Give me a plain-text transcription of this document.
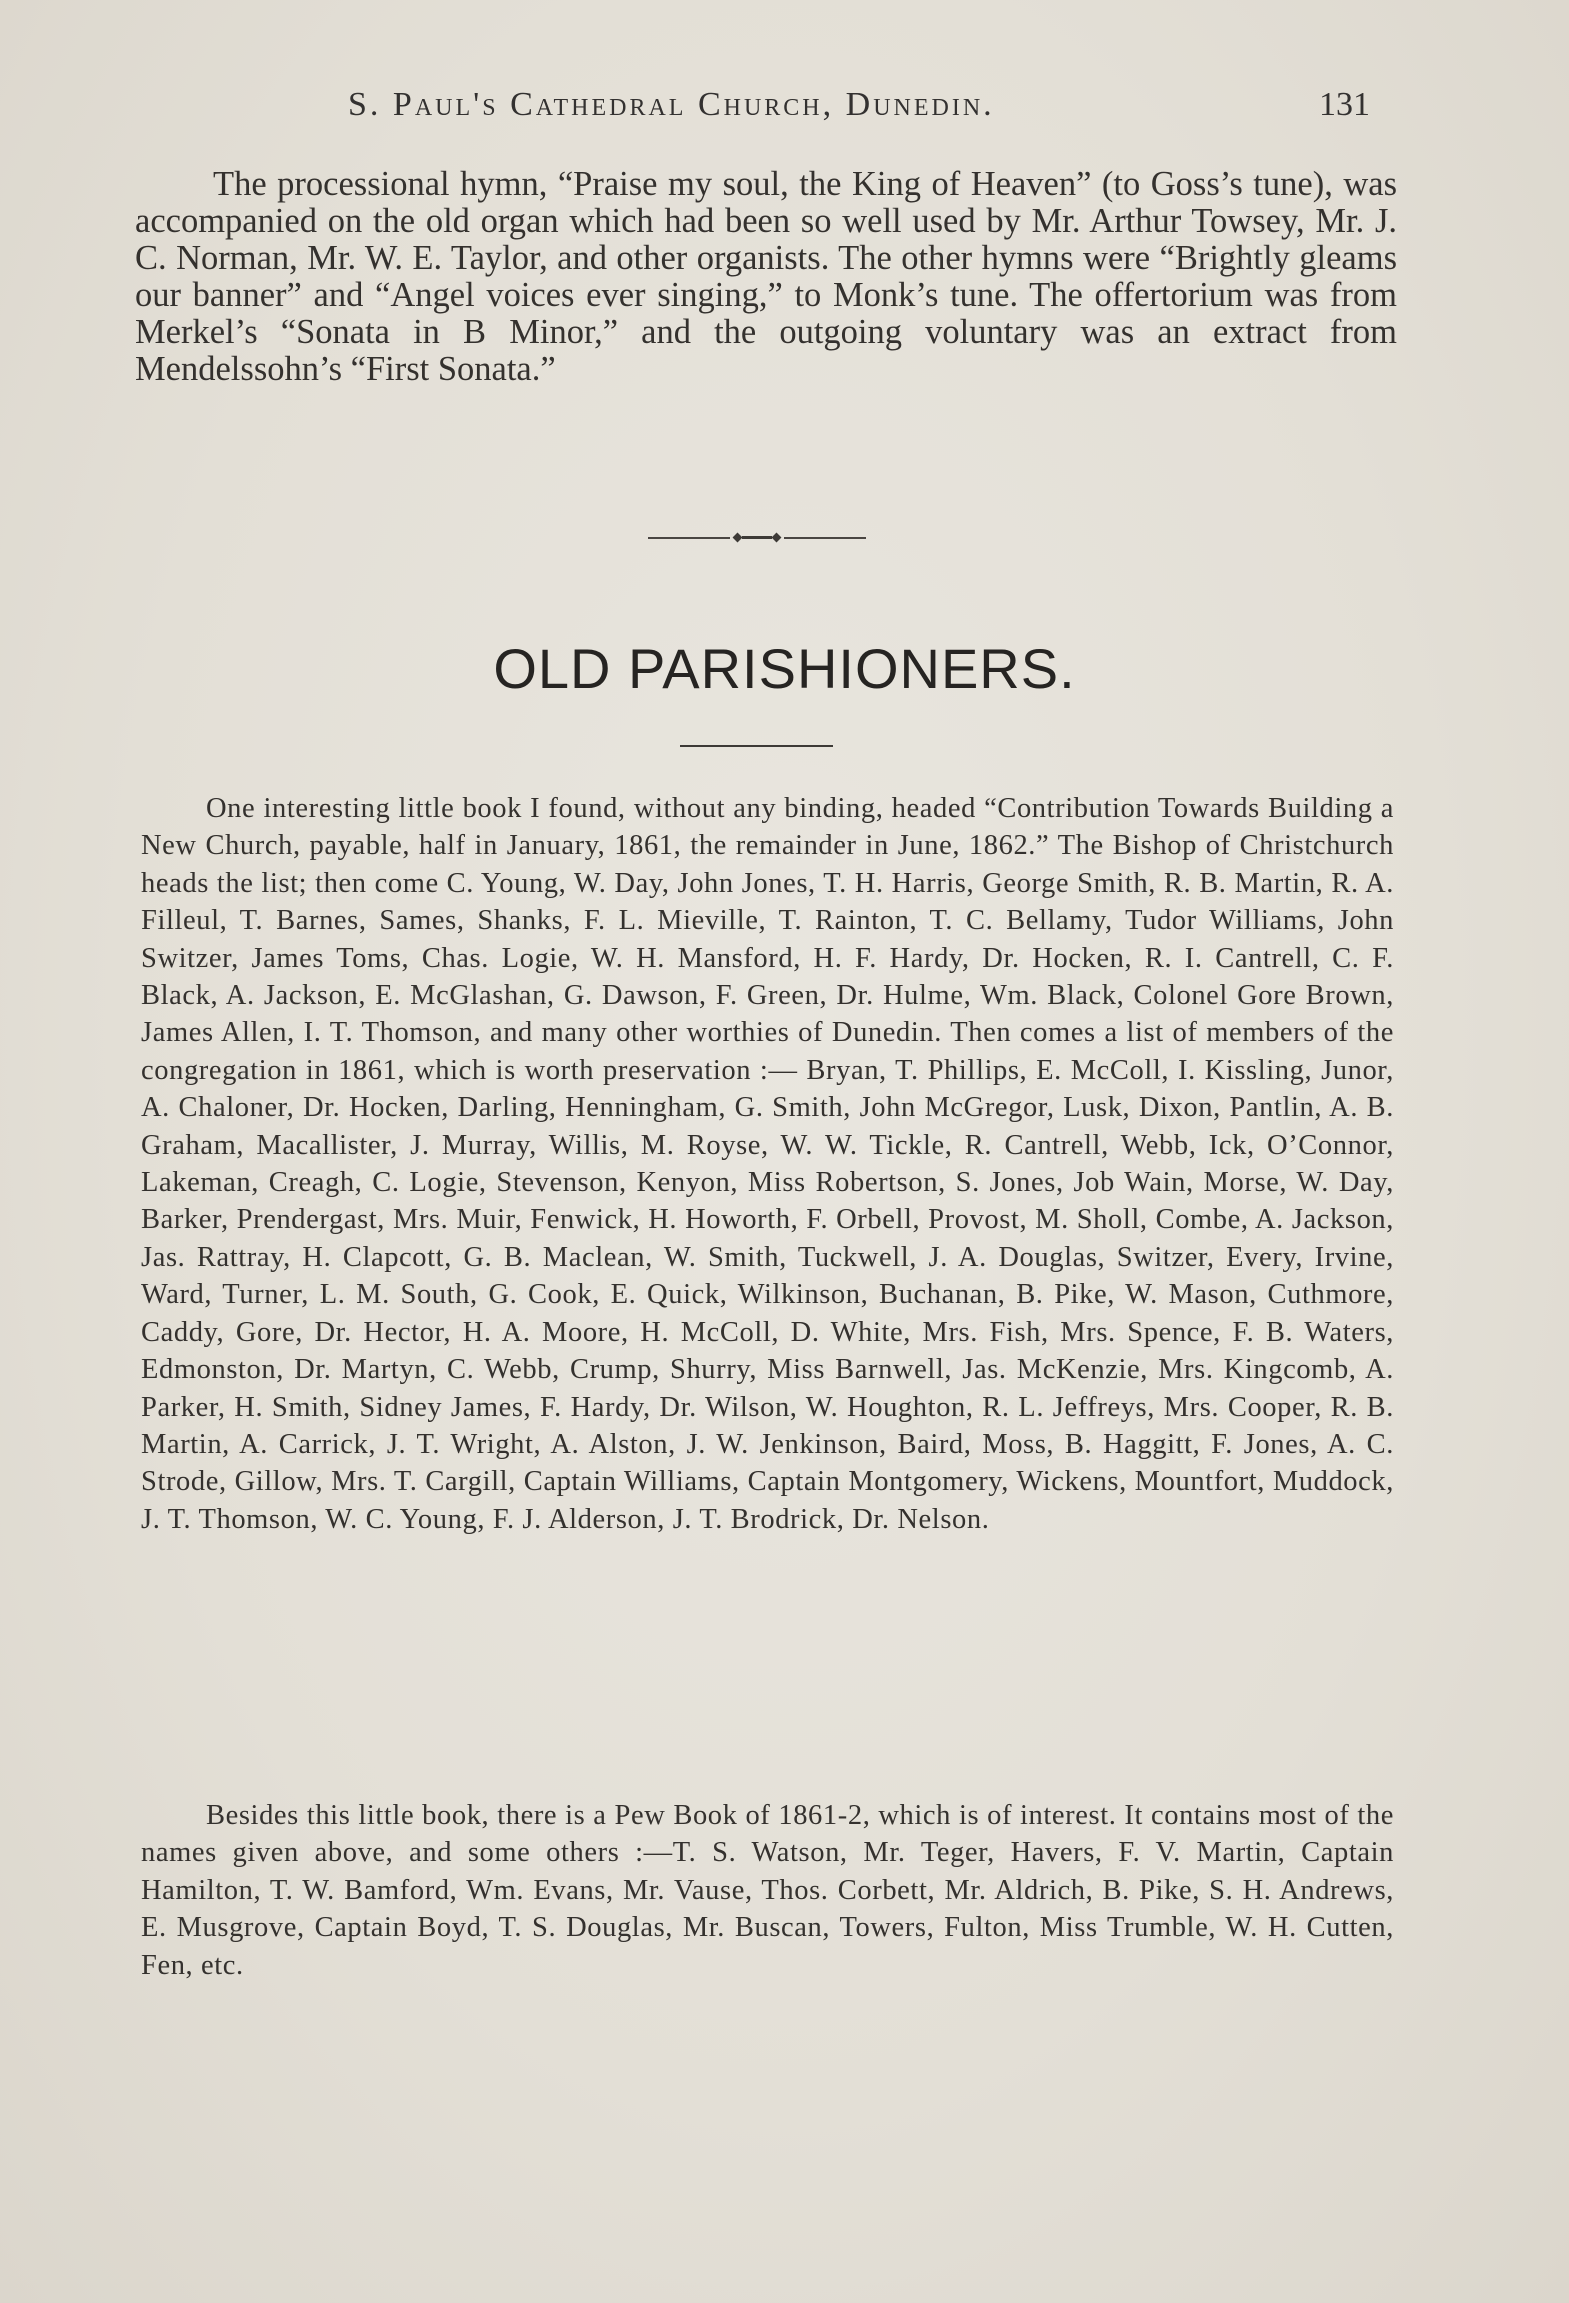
S. Paul's Cathedral Church, Dunedin.	131

The processional hymn, “Praise my soul, the King of Heaven” (to Goss’s tune), was accompanied on the old organ which had been so well used by Mr. Arthur Towsey, Mr. J. C. Norman, Mr. W. E. Taylor, and other organists. The other hymns were “Brightly gleams our banner” and “Angel voices ever singing,” to Monk’s tune. The offertorium was from Merkel’s “Sonata in B Minor,” and the outgoing voluntary was an extract from Mendelssohn’s “First Sonata.”

OLD PARISHIONERS.

One interesting little book I found, without any binding, headed “Contribution Towards Building a New Church, payable, half in January, 1861, the remainder in June, 1862.” The Bishop of Christchurch heads the list; then come C. Young, W. Day, John Jones, T. H. Harris, George Smith, R. B. Martin, R. A. Filleul, T. Barnes, Sames, Shanks, F. L. Mieville, T. Rainton, T. C. Bellamy, Tudor Williams, John Switzer, James Toms, Chas. Logie, W. H. Mansford, H. F. Hardy, Dr. Hocken, R. I. Cantrell, C. F. Black, A. Jackson, E. McGlashan, G. Dawson, F. Green, Dr. Hulme, Wm. Black, Colonel Gore Brown, James Allen, I. T. Thomson, and many other worthies of Dunedin. Then comes a list of members of the congregation in 1861, which is worth preservation :— Bryan, T. Phillips, E. McColl, I. Kissling, Junor, A. Chaloner, Dr. Hocken, Darling, Henningham, G. Smith, John McGregor, Lusk, Dixon, Pantlin, A. B. Graham, Macallister, J. Murray, Willis, M. Royse, W. W. Tickle, R. Cantrell, Webb, Ick, O’Connor, Lakeman, Creagh, C. Logie, Stevenson, Kenyon, Miss Robertson, S. Jones, Job Wain, Morse, W. Day, Barker, Prendergast, Mrs. Muir, Fenwick, H. Howorth, F. Orbell, Provost, M. Sholl, Combe, A. Jackson, Jas. Rattray, H. Clapcott, G. B. Maclean, W. Smith, Tuckwell, J. A. Douglas, Switzer, Every, Irvine, Ward, Turner, L. M. South, G. Cook, E. Quick, Wilkinson, Buchanan, B. Pike, W. Mason, Cuthmore, Caddy, Gore, Dr. Hector, H. A. Moore, H. McColl, D. White, Mrs. Fish, Mrs. Spence, F. B. Waters, Edmonston, Dr. Martyn, C. Webb, Crump, Shurry, Miss Barnwell, Jas. McKenzie, Mrs. Kingcomb, A. Parker, H. Smith, Sidney James, F. Hardy, Dr. Wilson, W. Houghton, R. L. Jeffreys, Mrs. Cooper, R. B. Martin, A. Carrick, J. T. Wright, A. Alston, J. W. Jenkinson, Baird, Moss, B. Haggitt, F. Jones, A. C. Strode, Gillow, Mrs. T. Cargill, Captain Williams, Captain Montgomery, Wickens, Mountfort, Muddock, J. T. Thomson, W. C. Young, F. J. Alderson, J. T. Brodrick, Dr. Nelson.

Besides this little book, there is a Pew Book of 1861-2, which is of interest. It contains most of the names given above, and some others :—T. S. Watson, Mr. Teger, Havers, F. V. Martin, Captain Hamilton, T. W. Bamford, Wm. Evans, Mr. Vause, Thos. Corbett, Mr. Aldrich, B. Pike, S. H. Andrews, E. Musgrove, Captain Boyd, T. S. Douglas, Mr. Buscan, Towers, Fulton, Miss Trumble, W. H. Cutten, Fen, etc.
